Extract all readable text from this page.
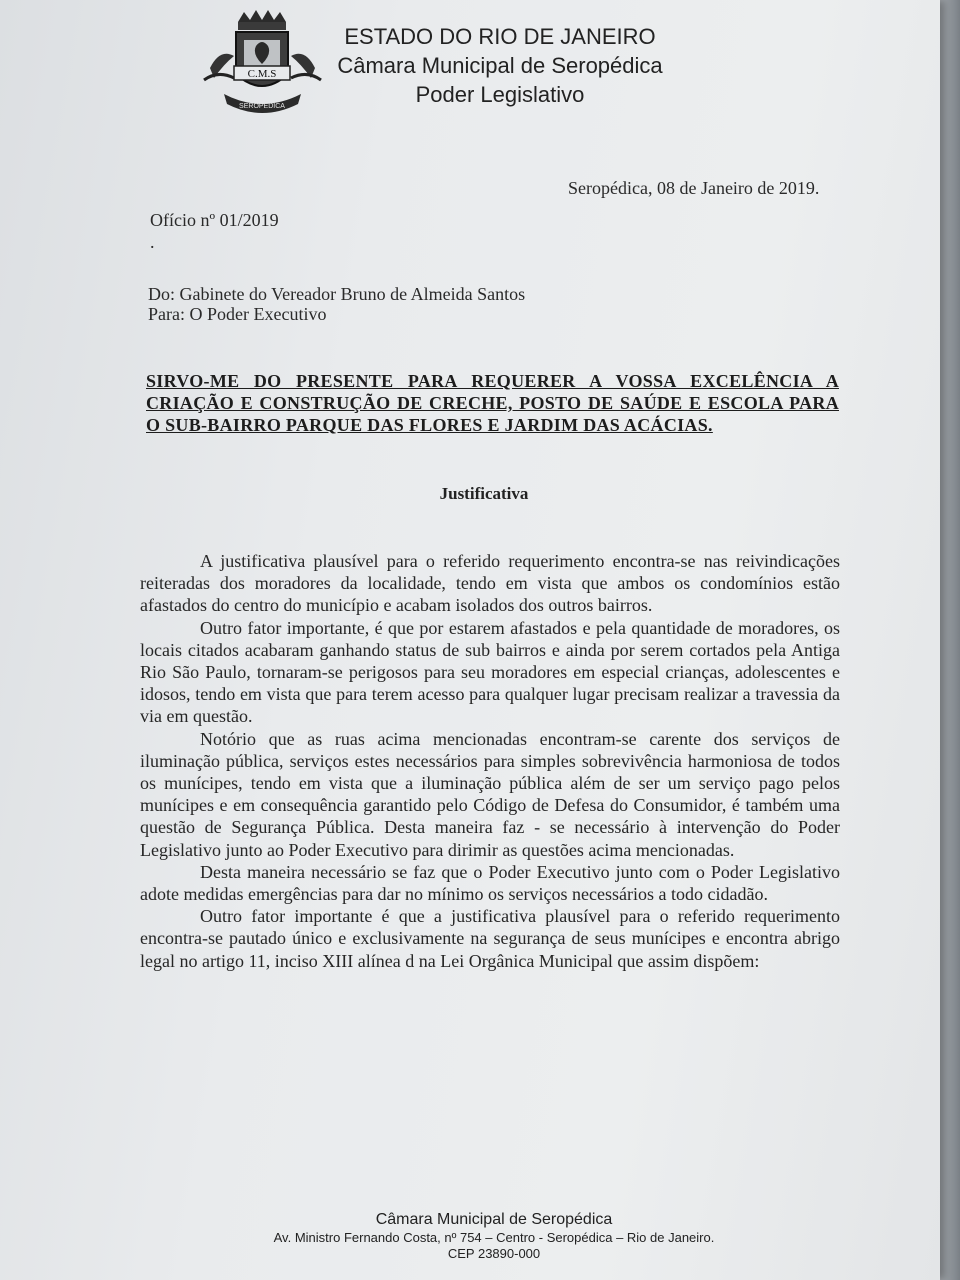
C.M.S
SEROPÉDICA
ESTADO DO RIO DE JANEIRO
Câmara Municipal de Seropédica
Poder Legislativo
Seropédica, 08 de Janeiro de 2019.
Ofício nº 01/2019
.
Do: Gabinete do Vereador Bruno de Almeida Santos
Para: O Poder Executivo
SIRVO-ME DO PRESENTE PARA REQUERER A VOSSA EXCELÊNCIA A CRIAÇÃO E CONSTRUÇÃO DE CRECHE, POSTO DE SAÚDE E ESCOLA PARA O SUB-BAIRRO PARQUE DAS FLORES E JARDIM DAS ACÁCIAS.
Justificativa

A justificativa plausível para o referido requerimento encontra-se nas reivindicações reiteradas dos moradores da localidade, tendo em vista que ambos os condomínios estão afastados do centro do município e acabam isolados dos outros bairros.

Outro fator importante, é que por estarem afastados e pela quantidade de moradores, os locais citados acabaram ganhando status de sub bairros e ainda por serem cortados pela Antiga Rio São Paulo, tornaram-se perigosos para seu moradores em especial crianças, adolescentes e idosos, tendo em vista que para terem acesso para qualquer lugar precisam realizar a travessia da via em questão.

Notório que as ruas acima mencionadas encontram-se carente dos serviços de iluminação pública, serviços estes necessários para simples sobrevivência harmoniosa de todos os munícipes, tendo em vista que a iluminação pública além de ser um serviço pago pelos munícipes e em consequência garantido pelo Código de Defesa do Consumidor, é também uma questão de Segurança Pública. Desta maneira faz - se necessário à intervenção do Poder Legislativo junto ao Poder Executivo para dirimir as questões acima mencionadas.

Desta maneira necessário se faz que o Poder Executivo junto com o Poder Legislativo adote medidas emergências para dar no mínimo os serviços necessários a todo cidadão.

Outro fator importante é que a justificativa plausível para o referido requerimento encontra-se pautado único e exclusivamente na segurança de seus munícipes e encontra abrigo legal no artigo 11, inciso XIII alínea d na Lei Orgânica Municipal que assim dispõem:

Câmara Municipal de Seropédica
Av. Ministro Fernando Costa, nº 754 – Centro - Seropédica – Rio de Janeiro.
CEP 23890-000
